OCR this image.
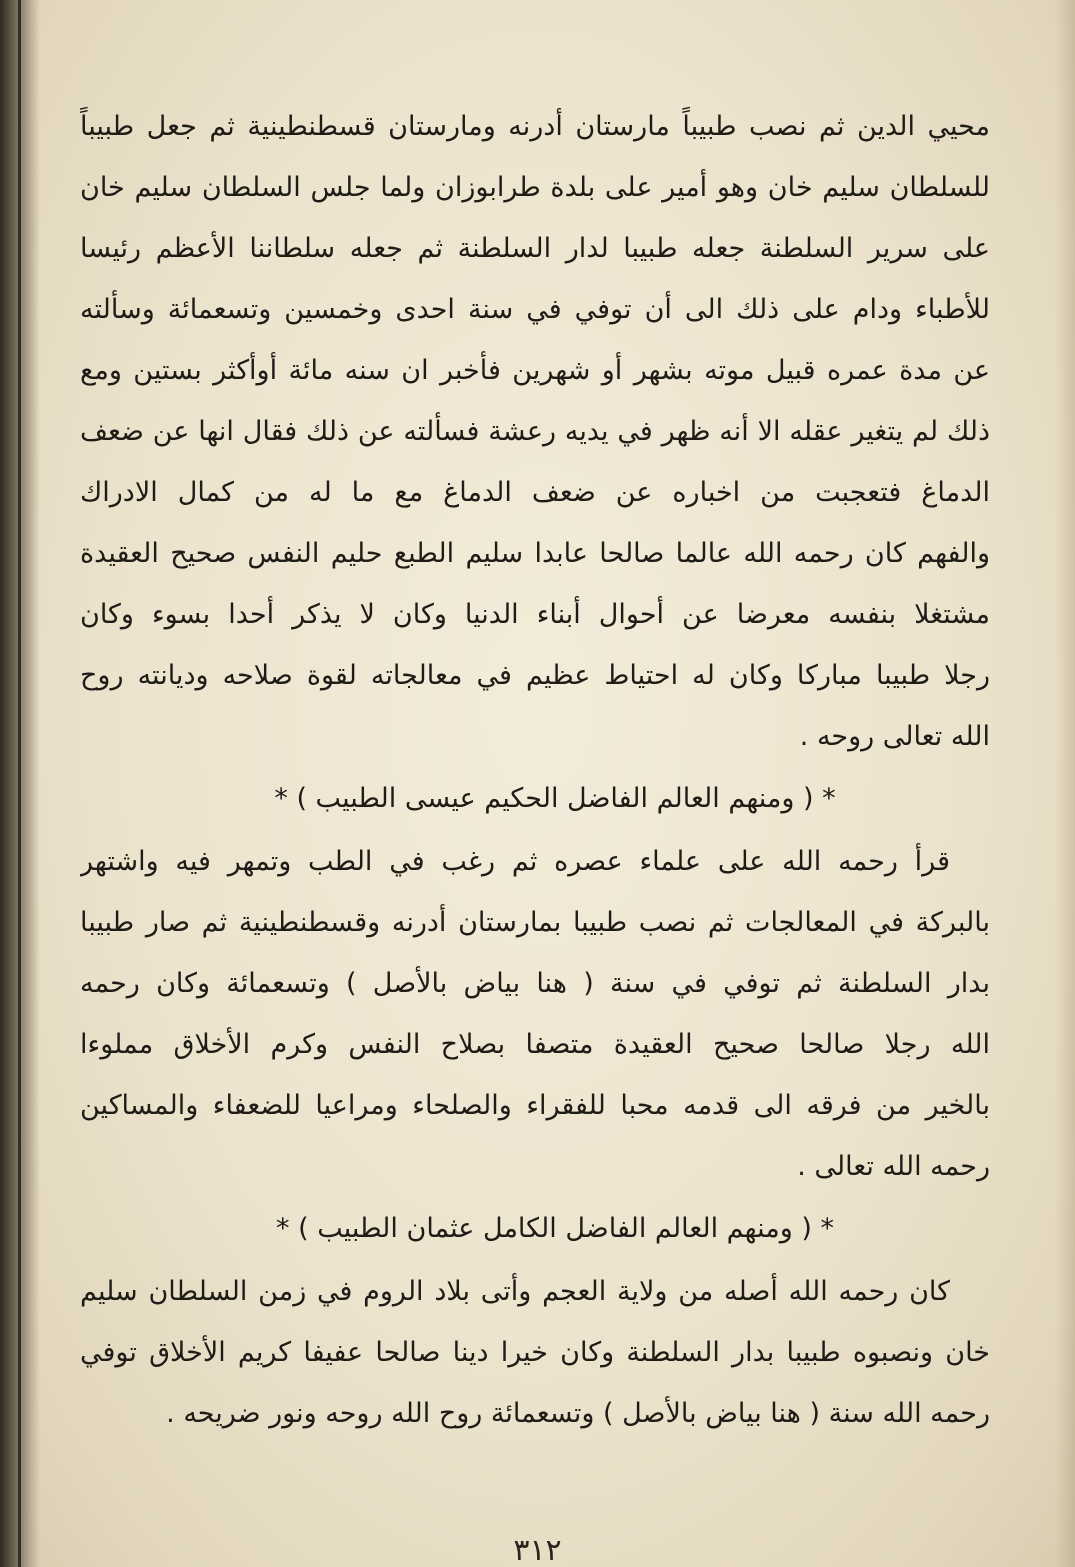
محيي الدين ثم نصب طبيباً مارستان أدرنه ومارستان قسطنطينية ثم جعل طبيباً
للسلطان سليم خان وهو أمير على بلدة طرابوزان ولما جلس السلطان سليم خان
على سرير السلطنة جعله طبيبا لدار السلطنة ثم جعله سلطاننا الأعظم رئيسا
للأطباء ودام على ذلك الى أن توفي في سنة احدى وخمسين وتسعمائة وسألته
عن مدة عمره قبيل موته بشهر أو شهرين فأخبر ان سنه مائة أوأكثر بستين ومع
ذلك لم يتغير عقله الا أنه ظهر في يديه رعشة فسألته عن ذلك فقال انها عن ضعف
الدماغ فتعجبت من اخباره عن ضعف الدماغ مع ما له من كمال الادراك
والفهم كان رحمه الله عالما صالحا عابدا سليم الطبع حليم النفس صحيح العقيدة
مشتغلا بنفسه معرضا عن أحوال أبناء الدنيا وكان لا يذكر أحدا بسوء وكان
رجلا طبيبا مباركا وكان له احتياط عظيم في معالجاته لقوة صلاحه وديانته روح
الله تعالى روحه .
* ( ومنهم العالم الفاضل الحكيم عيسى الطبيب ) *
قرأ رحمه الله على علماء عصره ثم رغب في الطب وتمهر فيه واشتهر
بالبركة في المعالجات ثم نصب طبيبا بمارستان أدرنه وقسطنطينية ثم صار طبيبا
بدار السلطنة ثم توفي في سنة ( هنا بياض بالأصل ) وتسعمائة وكان رحمه
الله رجلا صالحا صحيح العقيدة متصفا بصلاح النفس وكرم الأخلاق مملوءا
بالخير من فرقه الى قدمه محبا للفقراء والصلحاء ومراعيا للضعفاء والمساكين
رحمه الله تعالى .
* ( ومنهم العالم الفاضل الكامل عثمان الطبيب ) *
كان رحمه الله أصله من ولاية العجم وأتى بلاد الروم في زمن السلطان سليم
خان ونصبوه طبيبا بدار السلطنة وكان خيرا دينا صالحا عفيفا كريم الأخلاق توفي
رحمه الله سنة ( هنا بياض بالأصل ) وتسعمائة روح الله روحه ونور ضريحه .
٣١٢
